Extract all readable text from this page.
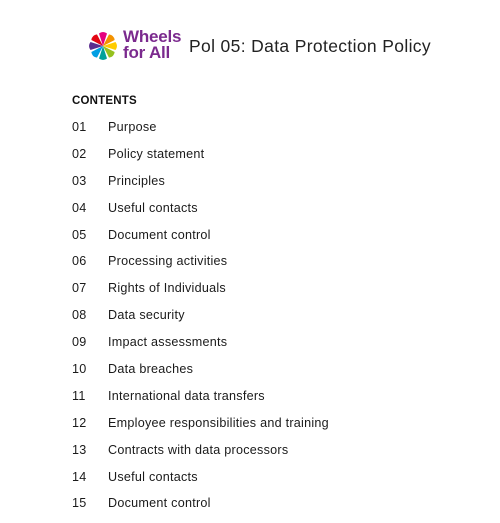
Wheels
for All	Pol 05: Data Protection Policy
CONTENTS
01 Purpose
02 Policy statement
03 Principles
04 Useful contacts
05 Document control
06 Processing activities
07 Rights of Individuals
08 Data security
09 Impact assessments
10 Data breaches
11 International data transfers
12 Employee responsibilities and training
13 Contracts with data processors
14 Useful contacts
15 Document control
